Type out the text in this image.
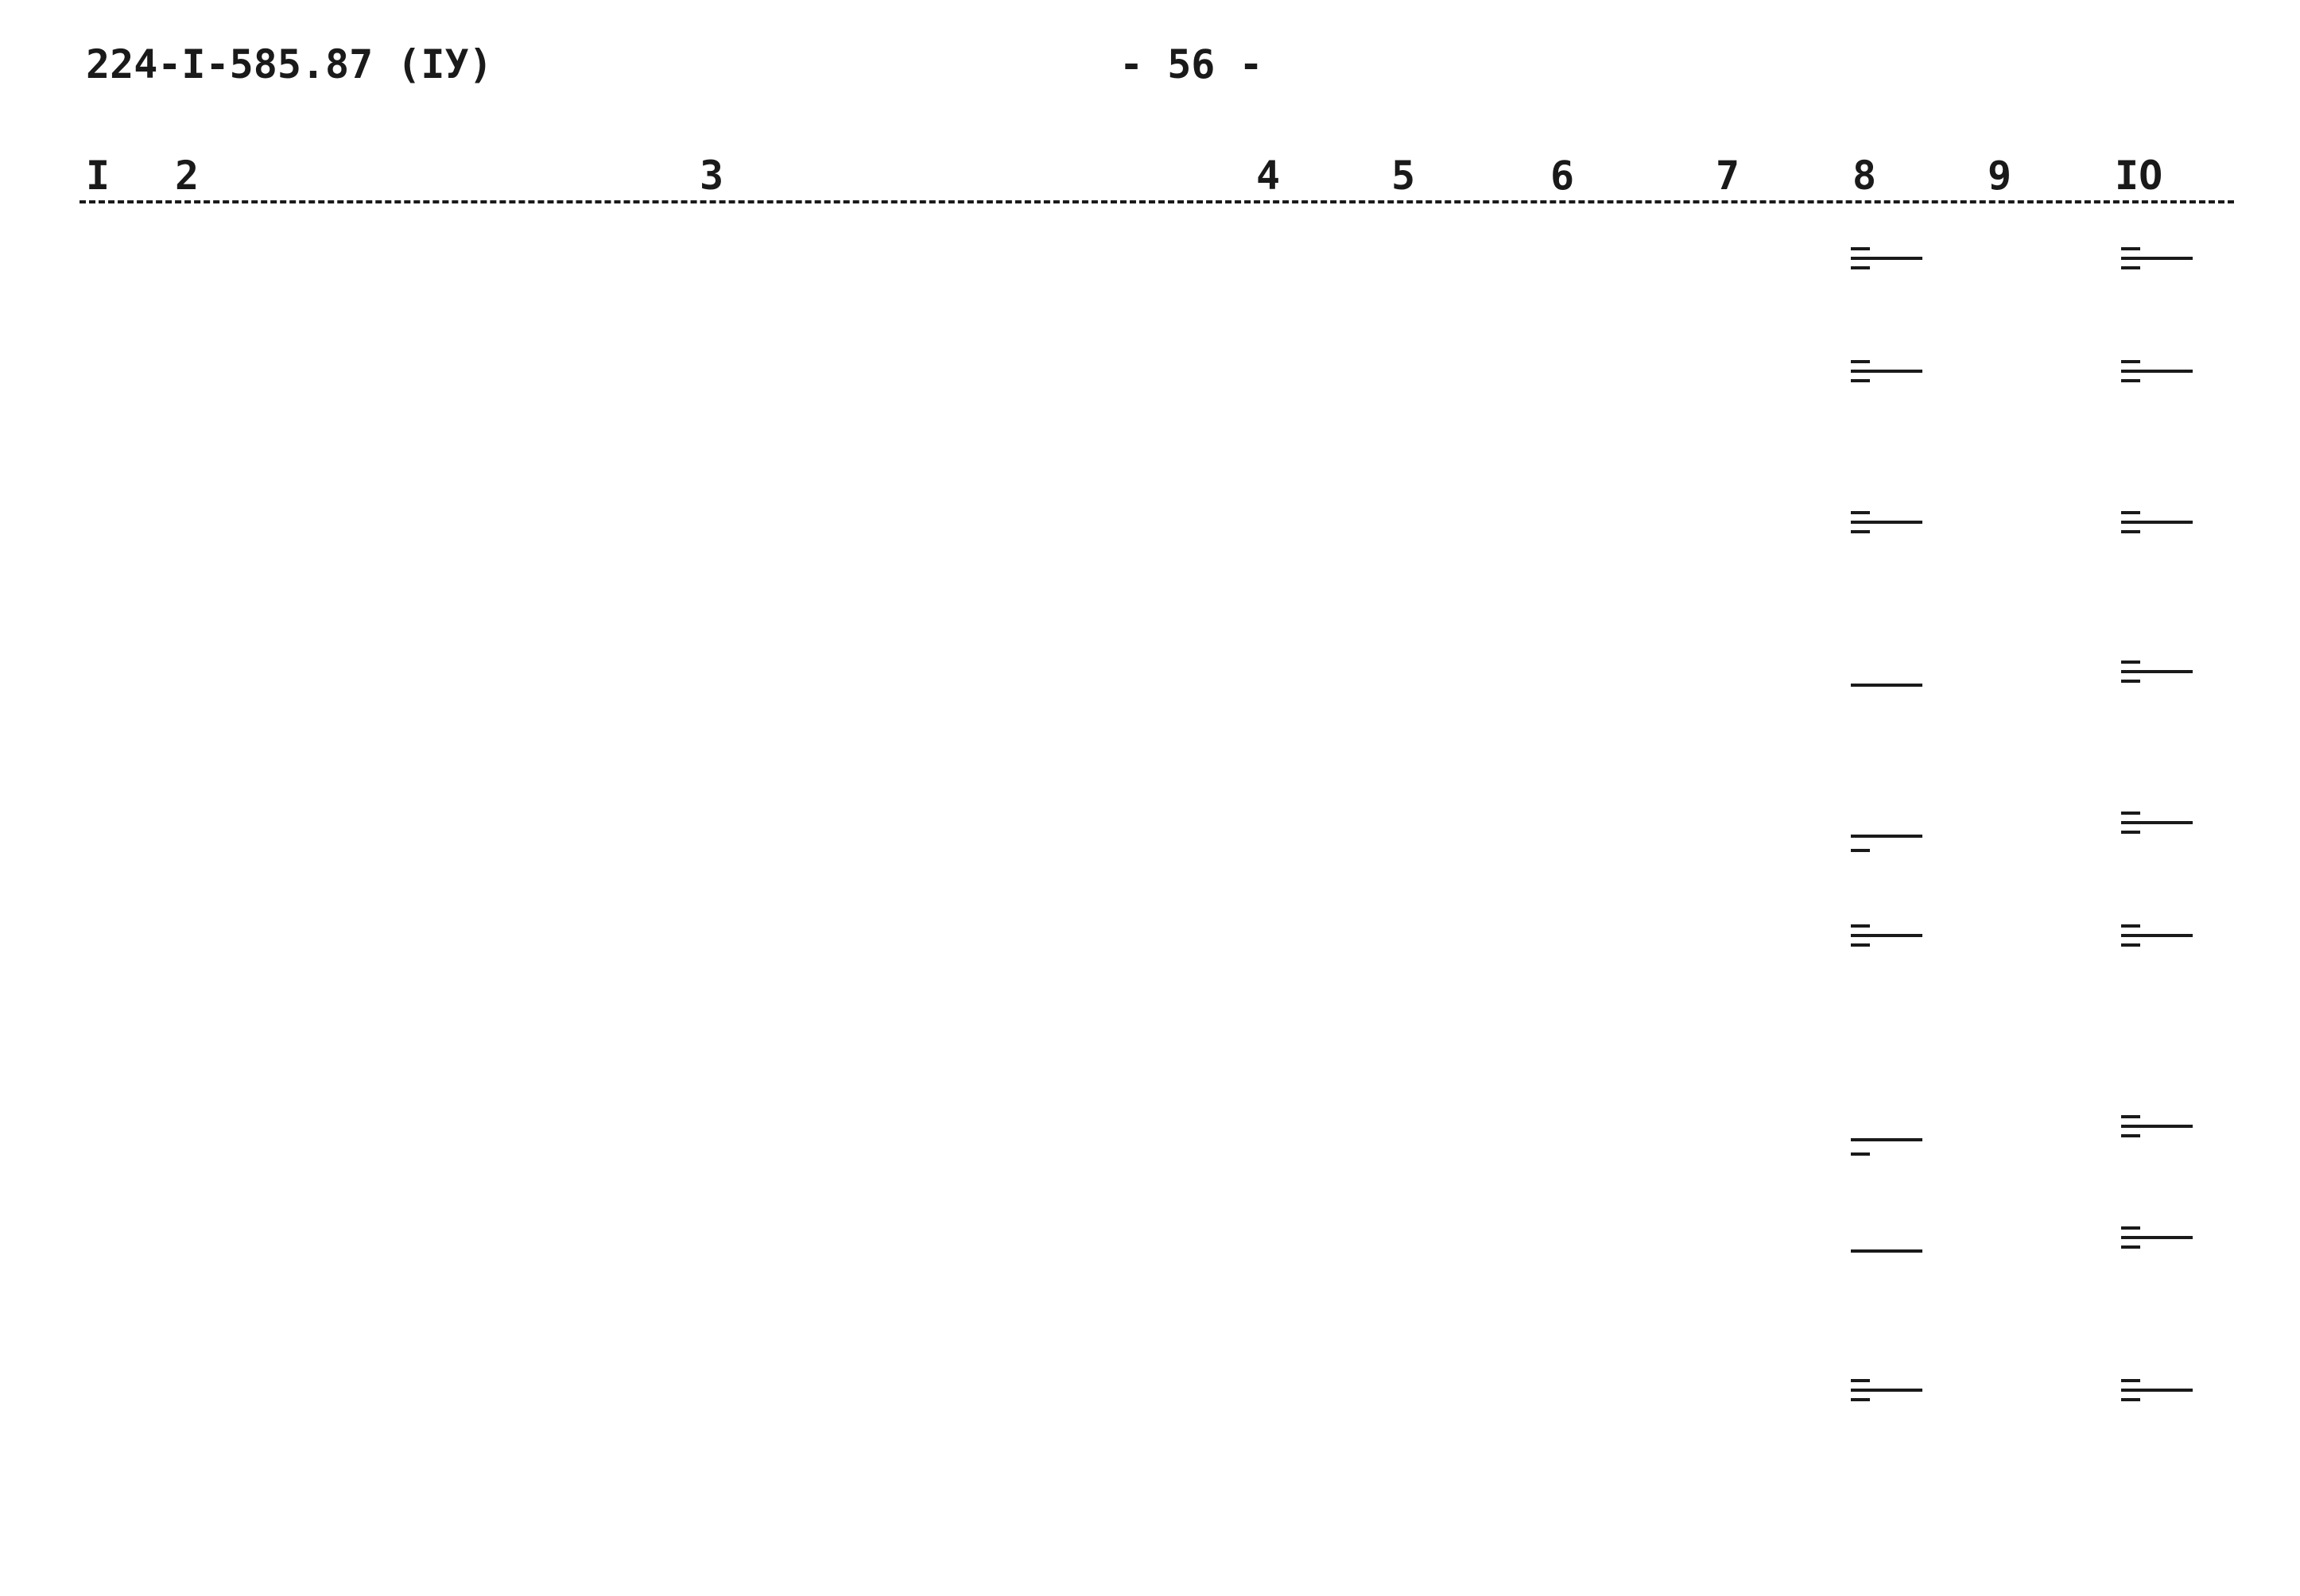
224-I-585.87 (IУ)	- 56 -
I 2	3	4	5	6	7	8	9	IO
